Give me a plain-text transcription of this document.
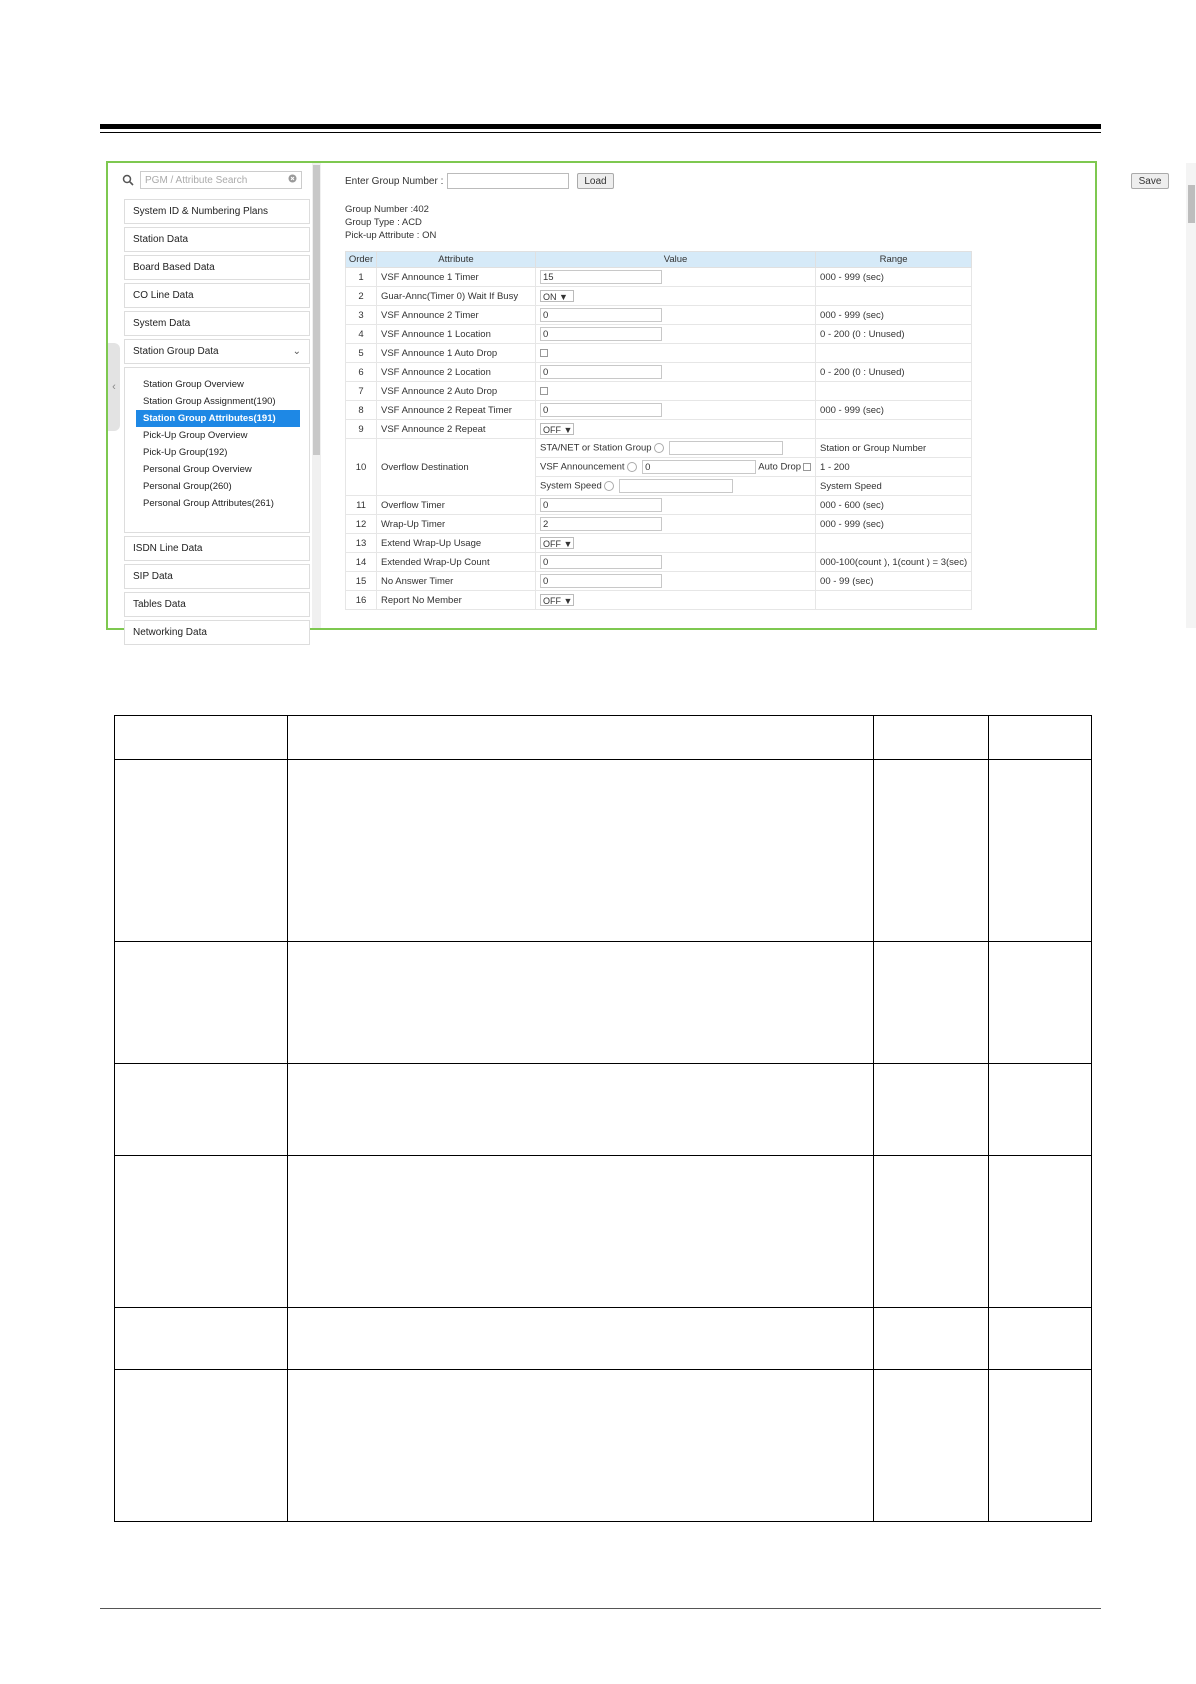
‹
PGM / Attribute Search
System ID & Numbering Plans
Station Data
Board Based Data
CO Line Data
System Data
Station Group Data	⌄
Station Group Overview
Station Group Assignment(190)
Station Group Attributes(191)
Pick-Up Group Overview
Pick-Up Group(192)
Personal Group Overview
Personal Group(260)
Personal Group Attributes(261)
ISDN Line Data
SIP Data
Tables Data
Networking Data
Enter Group Number :	Load	Save
Group Number :402
Group Type : ACD
Pick-up Attribute : ON
Order	Attribute	Value	Range
1	VSF Announce 1 Timer	15	000 - 999 (sec)
2	Guar-Annc(Timer 0) Wait If Busy	ON ▼	
3	VSF Announce 2 Timer	0	000 - 999 (sec)
4	VSF Announce 1 Location	0	0 - 200 (0 : Unused)
5	VSF Announce 1 Auto Drop		
6	VSF Announce 2 Location	0	0 - 200 (0 : Unused)
7	VSF Announce 2 Auto Drop		
8	VSF Announce 2 Repeat Timer	0	000 - 999 (sec)
9	VSF Announce 2 Repeat	OFF ▼	
10	Overflow Destination	STA/NET or Station Group	Station or Group Number
		VSF Announcement 0 Auto Drop	1 - 200
		System Speed	System Speed
11	Overflow Timer	0	000 - 600 (sec)
12	Wrap-Up Timer	2	000 - 999 (sec)
13	Extend Wrap-Up Usage	OFF ▼	
14	Extended Wrap-Up Count	0	000-100(count ), 1(count ) = 3(sec)
15	No Answer Timer	0	00 - 99 (sec)
16	Report No Member	OFF ▼	
